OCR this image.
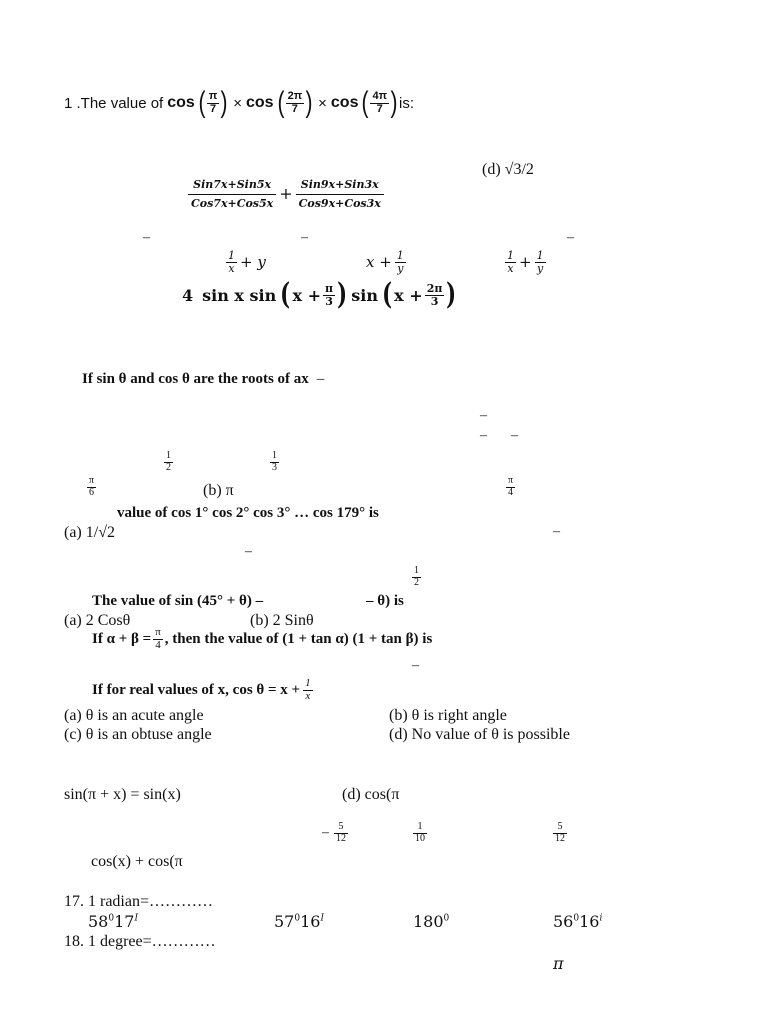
1 .The value of cos ( $\frac{\pi}{7}$ ) × cos ( $\frac{2\pi}{7}$ ) × cos ( $\frac{4\pi}{7}$ ) is:
(d) √3/2
$\frac{\text{Sin7x+Sin5x}}{\text{Cos7x+Cos5x}} + \frac{\text{Sin9x+Sin3x}}{\text{Cos9x+Cos3x}}$
–	–	–
$\frac{1}{x} + y$	$x + \frac{1}{y}$	$\frac{1}{x} + \frac{1}{y}$
4 sin x sin ( $x + \frac{\pi}{3}$ ) sin ( $x + \frac{2\pi}{3}$ )
If sin θ and cos θ are the roots of ax –
–
– –
$\frac{1}{2}$	$\frac{1}{3}$
$\frac{\pi}{6}$	(b) π	$\frac{\pi}{4}$
value of cos 1° cos 2° cos 3° … cos 179° is
(a) 1/√2	–
–
$\frac{1}{2}$
The value of sin (45° + θ) –	– θ) is
(a) 2 Cosθ	(b) 2 Sinθ
If $\alpha + \beta = \frac{\pi}{4}$ , then the value of (1 + tan α) (1 + tan β) is
–
If for real values of x, $\cos \theta = x + \frac{1}{x}$
(a) θ is an acute angle	(b) θ is right angle
(c) θ is an obtuse angle	(d) No value of θ is possible
sin(π + x) = sin(x)	(d) cos(π
– $\frac{5}{12}$	$\frac{1}{10}$	$\frac{5}{12}$
cos(x) + cos(π
17. 1 radian=…………
$58^017^I$	$57^016^I$	$180^0$	$56^016^i$
18. 1 degree=…………
π
